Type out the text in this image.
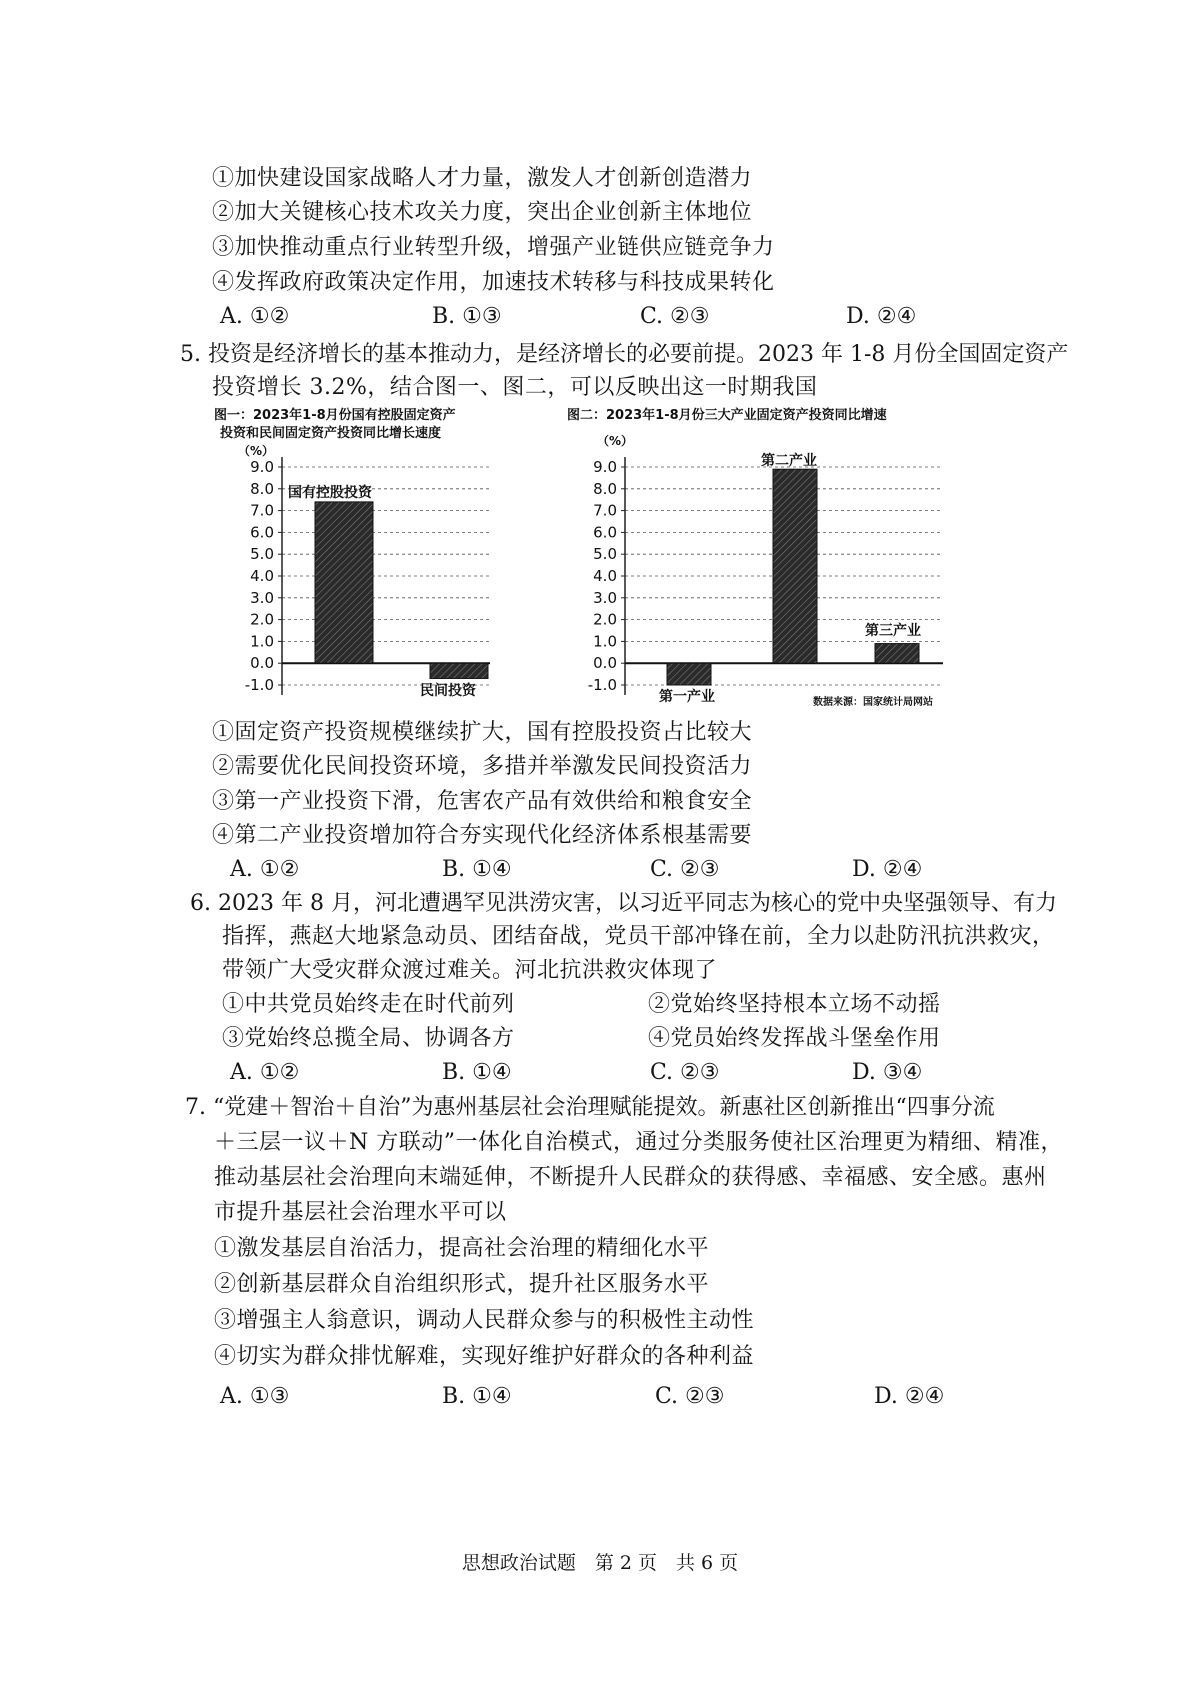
①加快建设国家战略人才力量，激发人才创新创造潜力
②加大关键核心技术攻关力度，突出企业创新主体地位
③加快推动重点行业转型升级，增强产业链供应链竞争力
④发挥政府政策决定作用，加速技术转移与科技成果转化
A. ①②	B. ①③	C. ②③	D. ②④
5. 投资是经济增长的基本推动力，是经济增长的必要前提。2023 年 1-8 月份全国固定资产
投资增长 3.2%，结合图一、图二，可以反映出这一时期我国
图一：2023年1-8月份国有控股固定资产
投资和民间固定资产投资同比增长速度
（%）
9.0
8.0
7.0
6.0
5.0
4.0
3.0
2.0
1.0
0.0
-1.0
国有控股投资
民间投资
图二：2023年1-8月份三大产业固定资产投资同比增速
（%）
9.0
8.0
7.0
6.0
5.0
4.0
3.0
2.0
1.0
0.0
-1.0
第一产业
第二产业
第三产业
数据来源：国家统计局网站
①固定资产投资规模继续扩大，国有控股投资占比较大
②需要优化民间投资环境，多措并举激发民间投资活力
③第一产业投资下滑，危害农产品有效供给和粮食安全
④第二产业投资增加符合夯实现代化经济体系根基需要
A. ①②	B. ①④	C. ②③	D. ②④
6. 2023 年 8 月，河北遭遇罕见洪涝灾害，以习近平同志为核心的党中央坚强领导、有力
指挥，燕赵大地紧急动员、团结奋战，党员干部冲锋在前，全力以赴防汛抗洪救灾，
带领广大受灾群众渡过难关。河北抗洪救灾体现了
①中共党员始终走在时代前列	②党始终坚持根本立场不动摇
③党始终总揽全局、协调各方	④党员始终发挥战斗堡垒作用
A. ①②	B. ①④	C. ②③	D. ③④
7. “党建＋智治＋自治”为惠州基层社会治理赋能提效。新惠社区创新推出“四事分流
＋三层一议＋N 方联动”一体化自治模式，通过分类服务使社区治理更为精细、精准，
推动基层社会治理向末端延伸，不断提升人民群众的获得感、幸福感、安全感。惠州
市提升基层社会治理水平可以
①激发基层自治活力，提高社会治理的精细化水平
②创新基层群众自治组织形式，提升社区服务水平
③增强主人翁意识，调动人民群众参与的积极性主动性
④切实为群众排忧解难，实现好维护好群众的各种利益
A. ①③	B. ①④	C. ②③	D. ②④
思想政治试题　第 2 页　共 6 页
